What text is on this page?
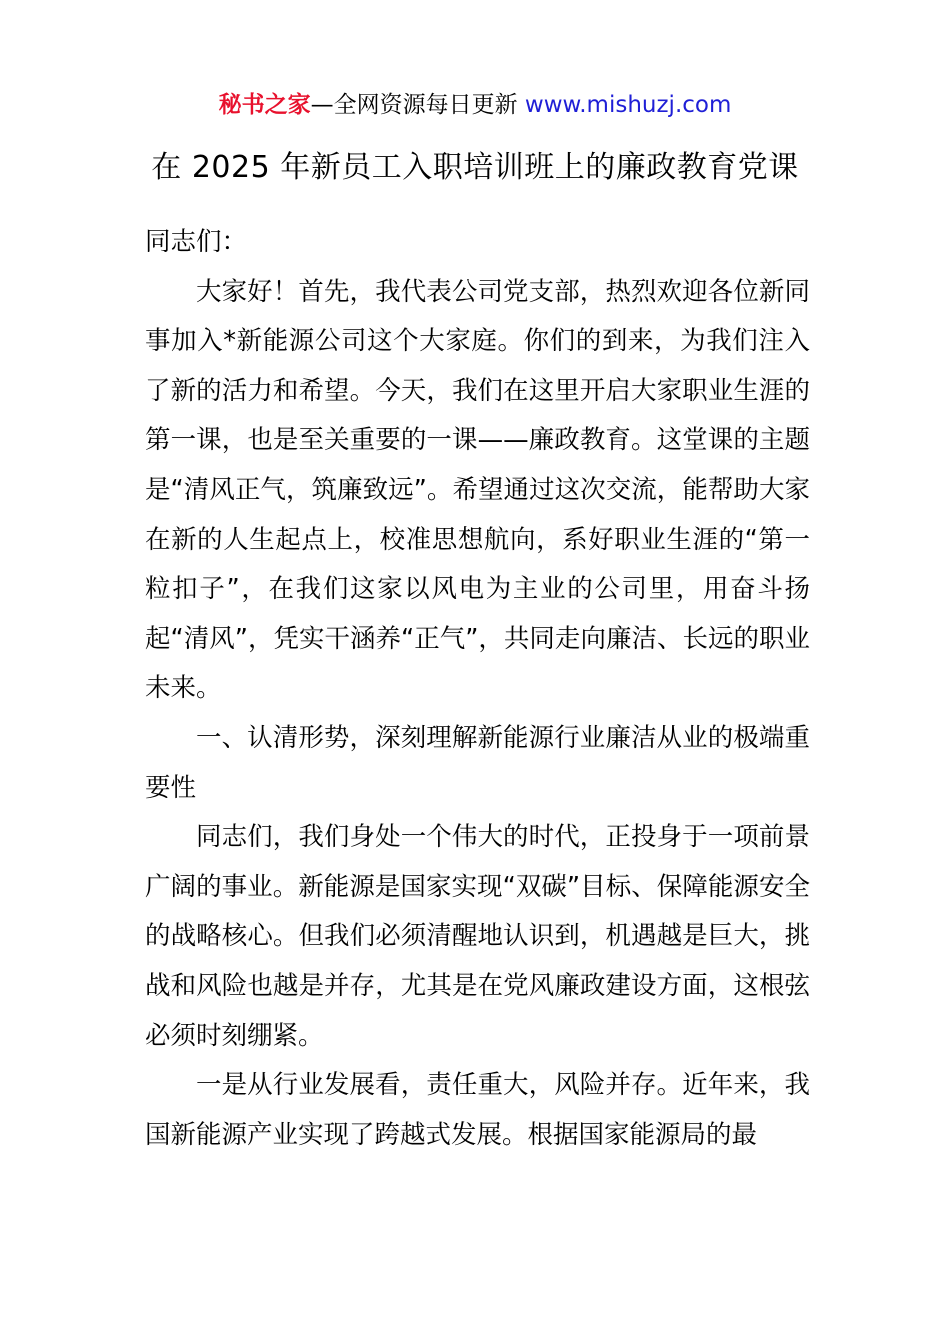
秘书之家—全网资源每日更新 www.mishuzj.com
在 2025 年新员工入职培训班上的廉政教育党课

同志们：

大家好！首先，我代表公司党支部，热烈欢迎各位新同事加入*新能源公司这个大家庭。你们的到来，为我们注入了新的活力和希望。今天，我们在这里开启大家职业生涯的第一课，也是至关重要的一课——廉政教育。这堂课的主题是“清风正气，筑廉致远”。希望通过这次交流，能帮助大家在新的人生起点上，校准思想航向，系好职业生涯的“第一粒扣子”，在我们这家以风电为主业的公司里，用奋斗扬起“清风”，凭实干涵养“正气”，共同走向廉洁、长远的职业未来。

一、认清形势，深刻理解新能源行业廉洁从业的极端重要性

同志们，我们身处一个伟大的时代，正投身于一项前景广阔的事业。新能源是国家实现“双碳”目标、保障能源安全的战略核心。但我们必须清醒地认识到，机遇越是巨大，挑战和风险也越是并存，尤其是在党风廉政建设方面，这根弦必须时刻绷紧。

一是从行业发展看，责任重大，风险并存。近年来，我国新能源产业实现了跨越式发展。根据国家能源局的最
